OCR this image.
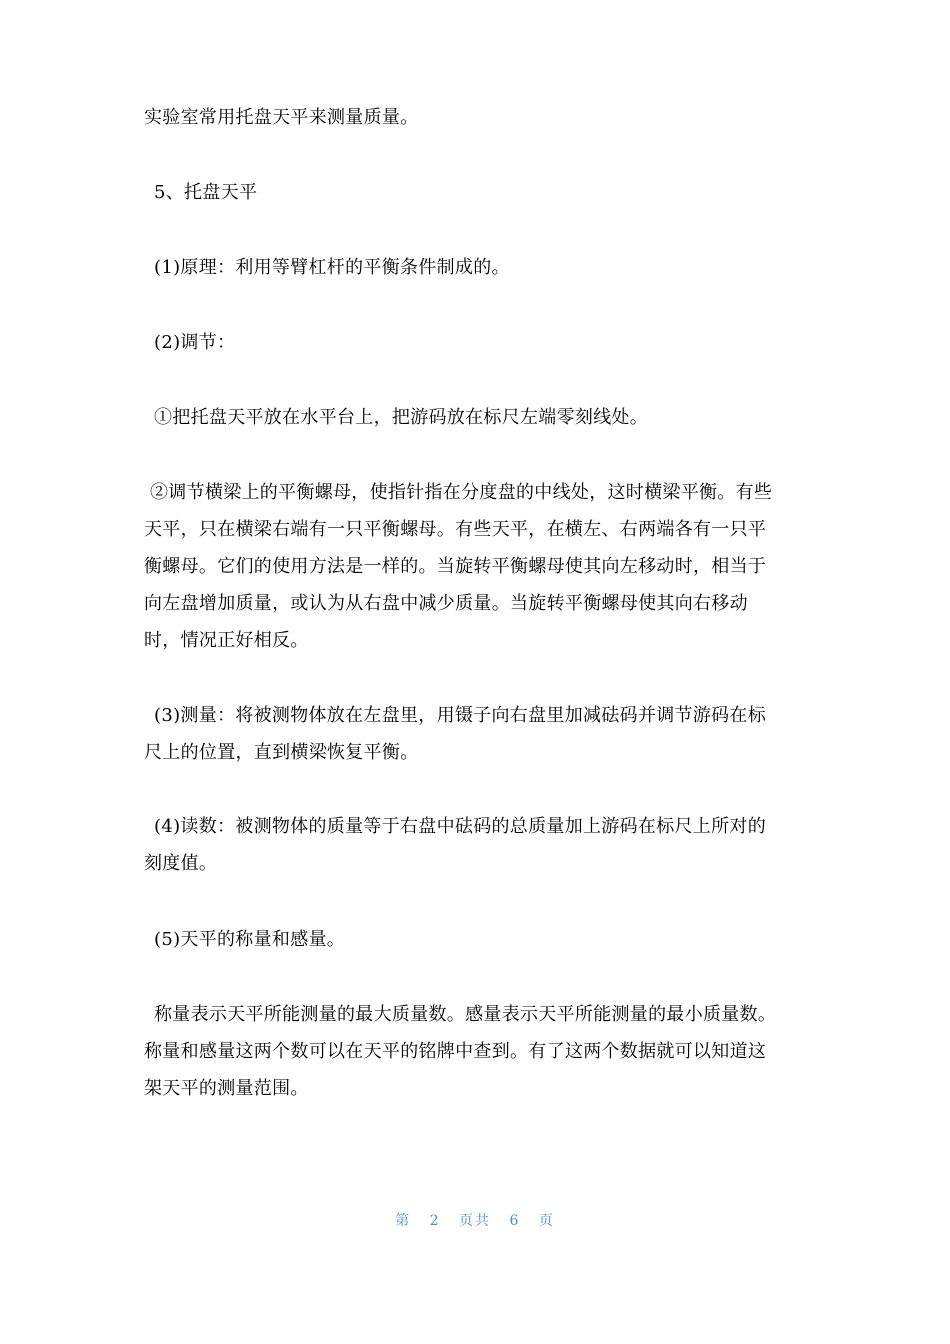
实验室常用托盘天平来测量质量。
5、托盘天平
(1)原理：利用等臂杠杆的平衡条件制成的。
(2)调节：
①把托盘天平放在水平台上，把游码放在标尺左端零刻线处。
②调节横梁上的平衡螺母，使指针指在分度盘的中线处，这时横梁平衡。有些
天平，只在横梁右端有一只平衡螺母。有些天平，在横左、右两端各有一只平
衡螺母。它们的使用方法是一样的。当旋转平衡螺母使其向左移动时，相当于
向左盘增加质量，或认为从右盘中减少质量。当旋转平衡螺母使其向右移动
时，情况正好相反。
(3)测量：将被测物体放在左盘里，用镊子向右盘里加减砝码并调节游码在标
尺上的位置，直到横梁恢复平衡。
(4)读数：被测物体的质量等于右盘中砝码的总质量加上游码在标尺上所对的
刻度值。
(5)天平的称量和感量。
称量表示天平所能测量的最大质量数。感量表示天平所能测量的最小质量数。
称量和感量这两个数可以在天平的铭牌中查到。有了这两个数据就可以知道这
架天平的测量范围。
第 2 页共 6 页
